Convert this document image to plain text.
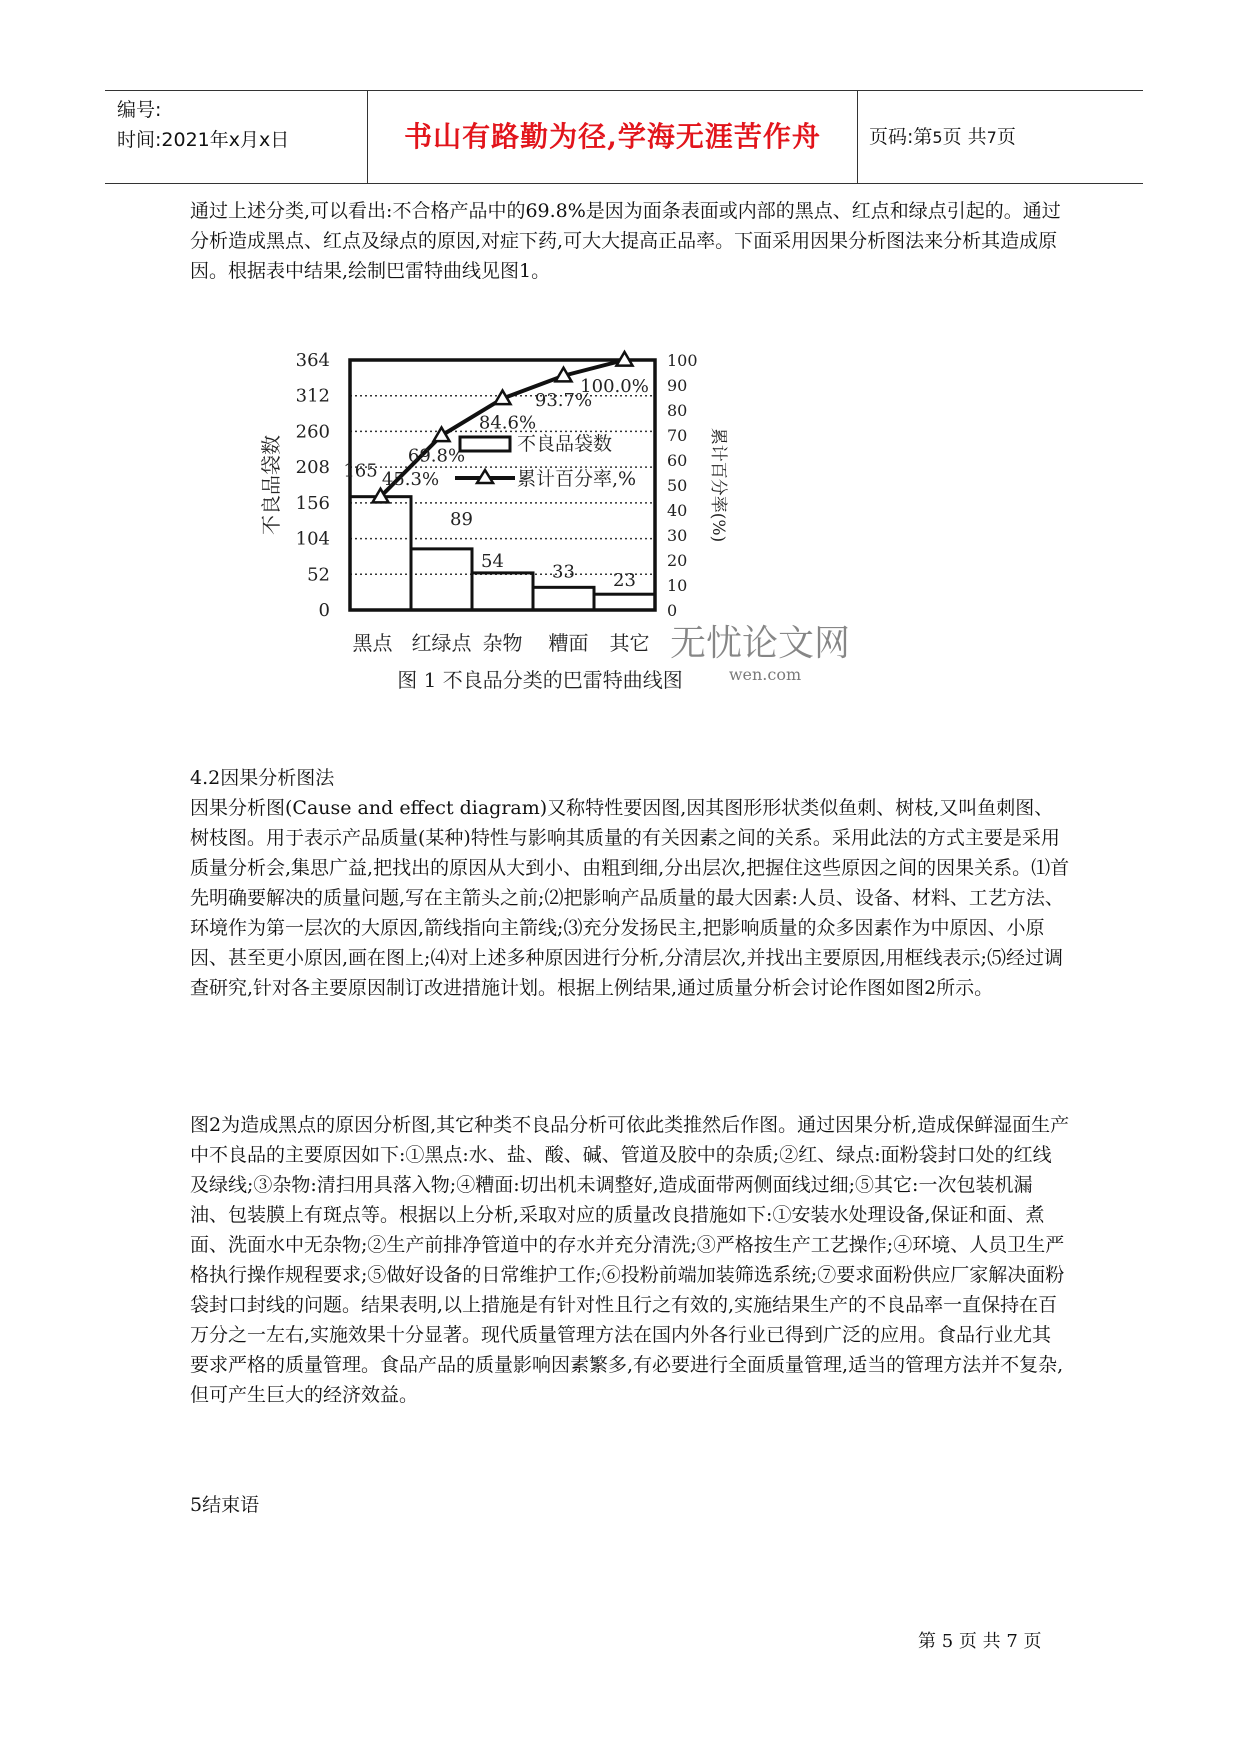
编号:
时间:2021年x月x日	书山有路勤为径,学海无涯苦作舟	页码:第5页 共7页

通过上述分类,可以看出:不合格产品中的69.8%是因为面条表面或内部的黑点、红点和绿点引起的。通过分析造成黑点、红点及绿点的原因,对症下药,可大大提高正品率。下面采用因果分析图法来分析其造成原因。根据表中结果,绘制巴雷特曲线见图1。

0
52
104
156
208
260
312
364
0
10
20
30
40
50
60
70
80
90
100
不良品袋数	累计百分率(%)
165
89
54	33 23
45.3%
69.8%
84.6%
93.7%
100.0%
不良品袋数
累计百分率,%
黑点 红绿点 杂物 糟面 其它
图 1 不良品分类的巴雷特曲线图
无忧论文网
wen.com

4.2因果分析图法

因果分析图(Cause and effect diagram)又称特性要因图,因其图形形状类似鱼刺、树枝,又叫鱼刺图、树枝图。用于表示产品质量(某种)特性与影响其质量的有关因素之间的关系。采用此法的方式主要是采用质量分析会,集思广益,把找出的原因从大到小、由粗到细,分出层次,把握住这些原因之间的因果关系。⑴首先明确要解决的质量问题,写在主箭头之前;⑵把影响产品质量的最大因素:人员、设备、材料、工艺方法、环境作为第一层次的大原因,箭线指向主箭线;⑶充分发扬民主,把影响质量的众多因素作为中原因、小原因、甚至更小原因,画在图上;⑷对上述多种原因进行分析,分清层次,并找出主要原因,用框线表示;⑸经过调查研究,针对各主要原因制订改进措施计划。根据上例结果,通过质量分析会讨论作图如图2所示。

图2为造成黑点的原因分析图,其它种类不良品分析可依此类推然后作图。通过因果分析,造成保鲜湿面生产中不良品的主要原因如下:①黑点:水、盐、酸、碱、管道及胶中的杂质;②红、绿点:面粉袋封口处的红线及绿线;③杂物:清扫用具落入物;④糟面:切出机未调整好,造成面带两侧面线过细;⑤其它:一次包装机漏油、包装膜上有斑点等。根据以上分析,采取对应的质量改良措施如下:①安装水处理设备,保证和面、煮面、洗面水中无杂物;②生产前排净管道中的存水并充分清洗;③严格按生产工艺操作;④环境、人员卫生严格执行操作规程要求;⑤做好设备的日常维护工作;⑥投粉前端加装筛选系统;⑦要求面粉供应厂家解决面粉袋封口封线的问题。结果表明,以上措施是有针对性且行之有效的,实施结果生产的不良品率一直保持在百万分之一左右,实施效果十分显著。现代质量管理方法在国内外各行业已得到广泛的应用。食品行业尤其要求严格的质量管理。食品产品的质量影响因素繁多,有必要进行全面质量管理,适当的管理方法并不复杂,但可产生巨大的经济效益。

5结束语

第 5 页 共 7 页
